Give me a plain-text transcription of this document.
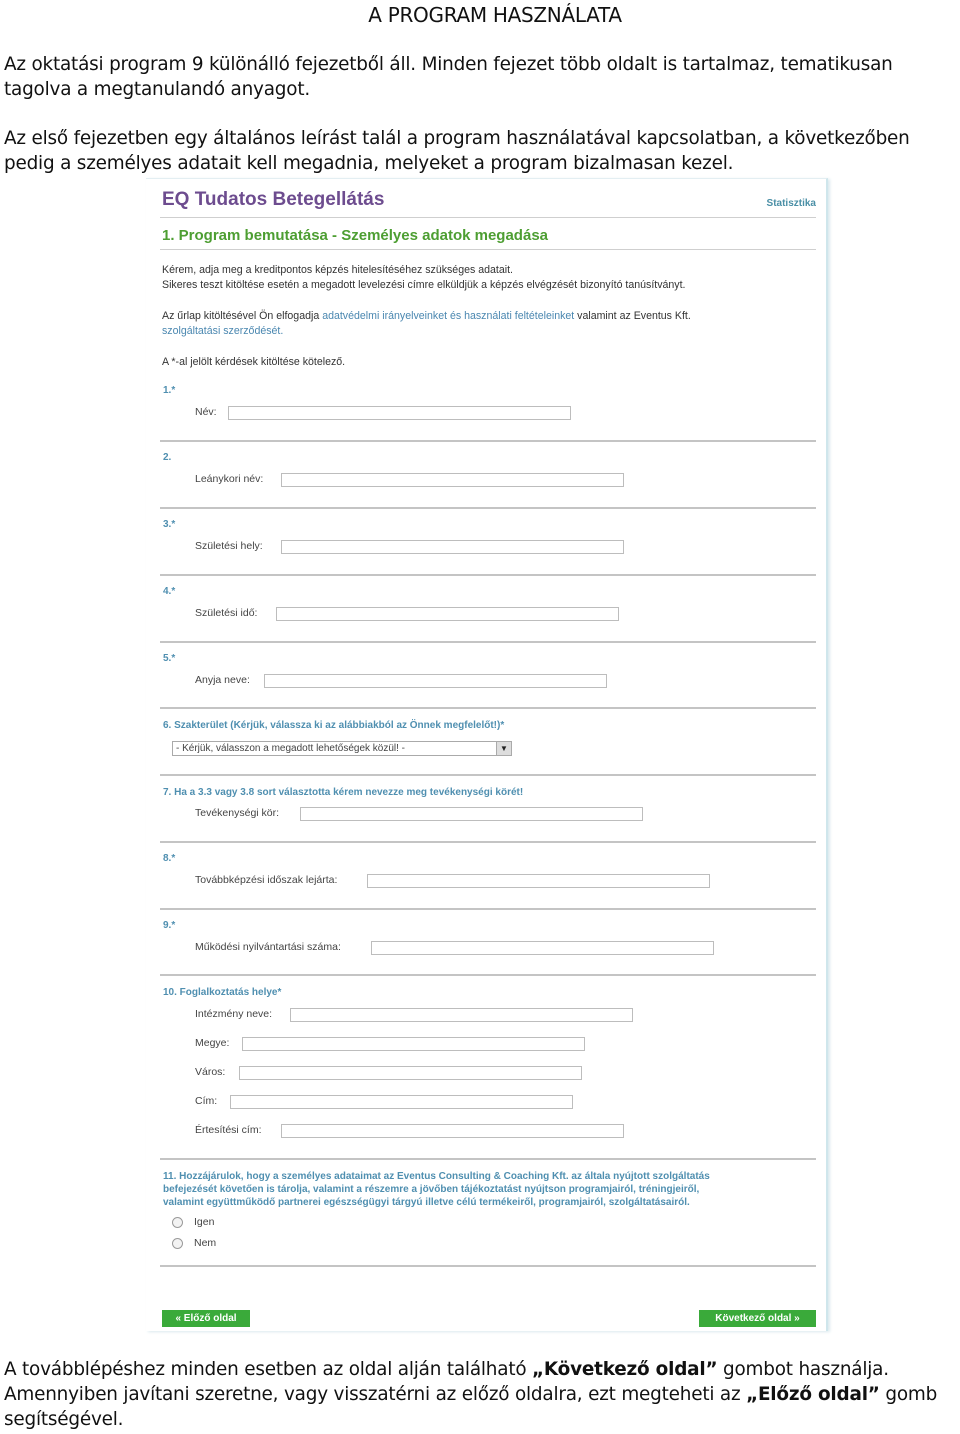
A PROGRAM HASZNÁLATA

Az oktatási program 9 különálló fejezetből áll. Minden fejezet több oldalt is tartalmaz, tematikusan tagolva a megtanulandó anyagot.

Az első fejezetben egy általános leírást talál a program használatával kapcsolatban, a következőben pedig a személyes adatait kell megadnia, melyeket a program bizalmasan kezel.

EQ Tudatos Betegellátás	Statisztika
1. Program bemutatása - Személyes adatok megadása
Kérem, adja meg a kreditpontos képzés hitelesítéséhez szükséges adatait.
Sikeres teszt kitöltése esetén a megadott levelezési címre elküldjük a képzés elvégzését bizonyító tanúsítványt.
Az űrlap kitöltésével Ön elfogadja adatvédelmi irányelveinket és használati feltételeinket valamint az Eventus Kft.
szolgáltatási szerződését.
A *-al jelölt kérdések kitöltése kötelező.
1.*
Név:
2.
Leánykori név:
3.*
Születési hely:
4.*
Születési idő:
5.*
Anyja neve:
6. Szakterület (Kérjük, válassza ki az alábbiakból az Önnek megfelelőt!)*
- Kérjük, válasszon a megadott lehetőségek közül! -	▼
7. Ha a 3.3 vagy 3.8 sort választotta kérem nevezze meg tevékenységi körét!
Tevékenységi kör:
8.*
Továbbképzési időszak lejárta:
9.*
Működési nyilvántartási száma:
10. Foglalkoztatás helye*
Intézmény neve:
Megye:
Város:
Cím:
Értesítési cím:
11. Hozzájárulok, hogy a személyes adataimat az Eventus Consulting & Coaching Kft. az általa nyújtott szolgáltatás
befejezését követően is tárolja, valamint a részemre a jövőben tájékoztatást nyújtson programjairól, tréningjeiről,
valamint együttműködő partnerei egészségügyi tárgyú illetve célú termékeiről, programjairól, szolgáltatásairól.
Igen
Nem
« Előző oldal	Következő oldal »

A továbblépéshez minden esetben az oldal alján található „Következő oldal” gombot használja. Amennyiben javítani szeretne, vagy visszatérni az előző oldalra, ezt megteheti az „Előző oldal” gomb segítségével.
